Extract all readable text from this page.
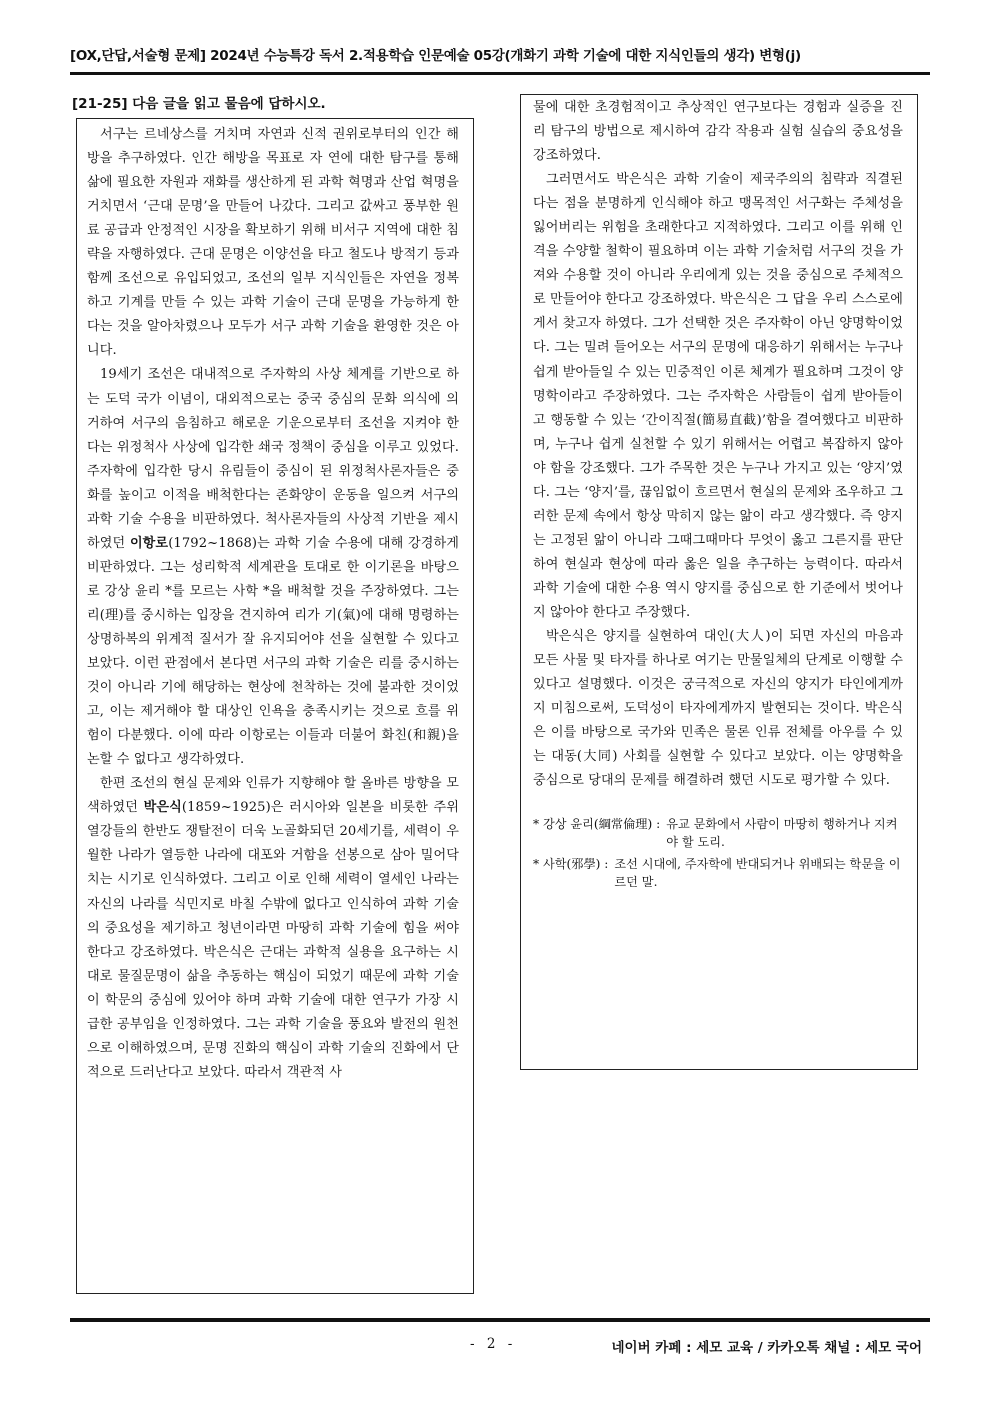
[OX,단답,서술형 문제] 2024년 수능특강 독서 2.적용학습 인문예술 05강(개화기 과학 기술에 대한 지식인들의 생각) 변형(j)
[21-25] 다음 글을 읽고 물음에 답하시오.

서구는 르네상스를 거치며 자연과 신적 권위로부터의 인간 해방을 추구하였다. 인간 해방을 목표로 자 연에 대한 탐구를 통해 삶에 필요한 자원과 재화를 생산하게 된 과학 혁명과 산업 혁명을 거치면서 ‘근대 문명’을 만들어 나갔다. 그리고 값싸고 풍부한 원료 공급과 안정적인 시장을 확보하기 위해 비서구 지역에 대한 침략을 자행하였다. 근대 문명은 이양선을 타고 철도나 방적기 등과 함께 조선으로 유입되었고, 조선의 일부 지식인들은 자연을 정복하고 기계를 만들 수 있는 과학 기술이 근대 문명을 가능하게 한다는 것을 알아차렸으나 모두가 서구 과학 기술을 환영한 것은 아니다.

19세기 조선은 대내적으로 주자학의 사상 체계를 기반으로 하는 도덕 국가 이념이, 대외적으로는 중국 중심의 문화 의식에 의거하여 서구의 음침하고 해로운 기운으로부터 조선을 지켜야 한다는 위정척사 사상에 입각한 쇄국 정책이 중심을 이루고 있었다. 주자학에 입각한 당시 유림들이 중심이 된 위정척사론자들은 중화를 높이고 이적을 배척한다는 존화양이 운동을 일으켜 서구의 과학 기술 수용을 비판하였다. 척사론자들의 사상적 기반을 제시하였던 이항로(1792~1868)는 과학 기술 수용에 대해 강경하게 비판하였다. 그는 성리학적 세계관을 토대로 한 이기론을 바탕으로 강상 윤리 *를 모르는 사학 *을 배척할 것을 주장하였다. 그는 리(理)를 중시하는 입장을 견지하여 리가 기(氣)에 대해 명령하는 상명하복의 위계적 질서가 잘 유지되어야 선을 실현할 수 있다고 보았다. 이런 관점에서 본다면 서구의 과학 기술은 리를 중시하는 것이 아니라 기에 해당하는 현상에 천착하는 것에 불과한 것이었고, 이는 제거해야 할 대상인 인욕을 충족시키는 것으로 흐를 위험이 다분했다. 이에 따라 이항로는 이들과 더불어 화친(和親)을 논할 수 없다고 생각하였다.

한편 조선의 현실 문제와 인류가 지향해야 할 올바른 방향을 모색하였던 박은식(1859~1925)은 러시아와 일본을 비롯한 주위 열강들의 한반도 쟁탈전이 더욱 노골화되던 20세기를, 세력이 우월한 나라가 열등한 나라에 대포와 거함을 선봉으로 삼아 밀어닥치는 시기로 인식하였다. 그리고 이로 인해 세력이 열세인 나라는 자신의 나라를 식민지로 바칠 수밖에 없다고 인식하여 과학 기술의 중요성을 제기하고 청년이라면 마땅히 과학 기술에 힘을 써야 한다고 강조하였다. 박은식은 근대는 과학적 실용을 요구하는 시대로 물질문명이 삶을 추동하는 핵심이 되었기 때문에 과학 기술이 학문의 중심에 있어야 하며 과학 기술에 대한 연구가 가장 시급한 공부임을 인정하였다. 그는 과학 기술을 풍요와 발전의 원천으로 이해하였으며, 문명 진화의 핵심이 과학 기술의 진화에서 단적으로 드러난다고 보았다. 따라서 객관적 사

물에 대한 초경험적이고 추상적인 연구보다는 경험과 실증을 진리 탐구의 방법으로 제시하여 감각 작용과 실험 실습의 중요성을 강조하였다.

그러면서도 박은식은 과학 기술이 제국주의의 침략과 직결된다는 점을 분명하게 인식해야 하고 맹목적인 서구화는 주체성을 잃어버리는 위험을 초래한다고 지적하였다. 그리고 이를 위해 인격을 수양할 철학이 필요하며 이는 과학 기술처럼 서구의 것을 가져와 수용할 것이 아니라 우리에게 있는 것을 중심으로 주체적으로 만들어야 한다고 강조하였다. 박은식은 그 답을 우리 스스로에게서 찾고자 하였다. 그가 선택한 것은 주자학이 아닌 양명학이었다. 그는 밀려 들어오는 서구의 문명에 대응하기 위해서는 누구나 쉽게 받아들일 수 있는 민중적인 이론 체계가 필요하며 그것이 양명학이라고 주장하였다. 그는 주자학은 사람들이 쉽게 받아들이고 행동할 수 있는 ‘간이직절(簡易直截)’함을 결여했다고 비판하며, 누구나 쉽게 실천할 수 있기 위해서는 어렵고 복잡하지 않아야 함을 강조했다. 그가 주목한 것은 누구나 가지고 있는 ‘양지’였다. 그는 ‘양지’를, 끊임없이 흐르면서 현실의 문제와 조우하고 그러한 문제 속에서 항상 막히지 않는 앎이 라고 생각했다. 즉 양지는 고정된 앎이 아니라 그때그때마다 무엇이 옳고 그른지를 판단하여 현실과 현상에 따라 옳은 일을 추구하는 능력이다. 따라서 과학 기술에 대한 수용 역시 양지를 중심으로 한 기준에서 벗어나지 않아야 한다고 주장했다.

박은식은 양지를 실현하여 대인(大人)이 되면 자신의 마음과 모든 사물 및 타자를 하나로 여기는 만물일체의 단계로 이행할 수 있다고 설명했다. 이것은 궁극적으로 자신의 양지가 타인에게까지 미침으로써, 도덕성이 타자에게까지 발현되는 것이다. 박은식은 이를 바탕으로 국가와 민족은 물론 인류 전체를 아우를 수 있는 대동(大同) 사회를 실현할 수 있다고 보았다. 이는 양명학을 중심으로 당대의 문제를 해결하려 했던 시도로 평가할 수 있다.

* 강상 윤리(綱常倫理) : 유교 문화에서 사람이 마땅히 행하거나 지켜야 할 도리.
* 사학(邪學) : 조선 시대에, 주자학에 반대되거나 위배되는 학문을 이르던 말.
- 2 -	네이버 카페 : 세모 교육 / 카카오톡 채널 : 세모 국어
